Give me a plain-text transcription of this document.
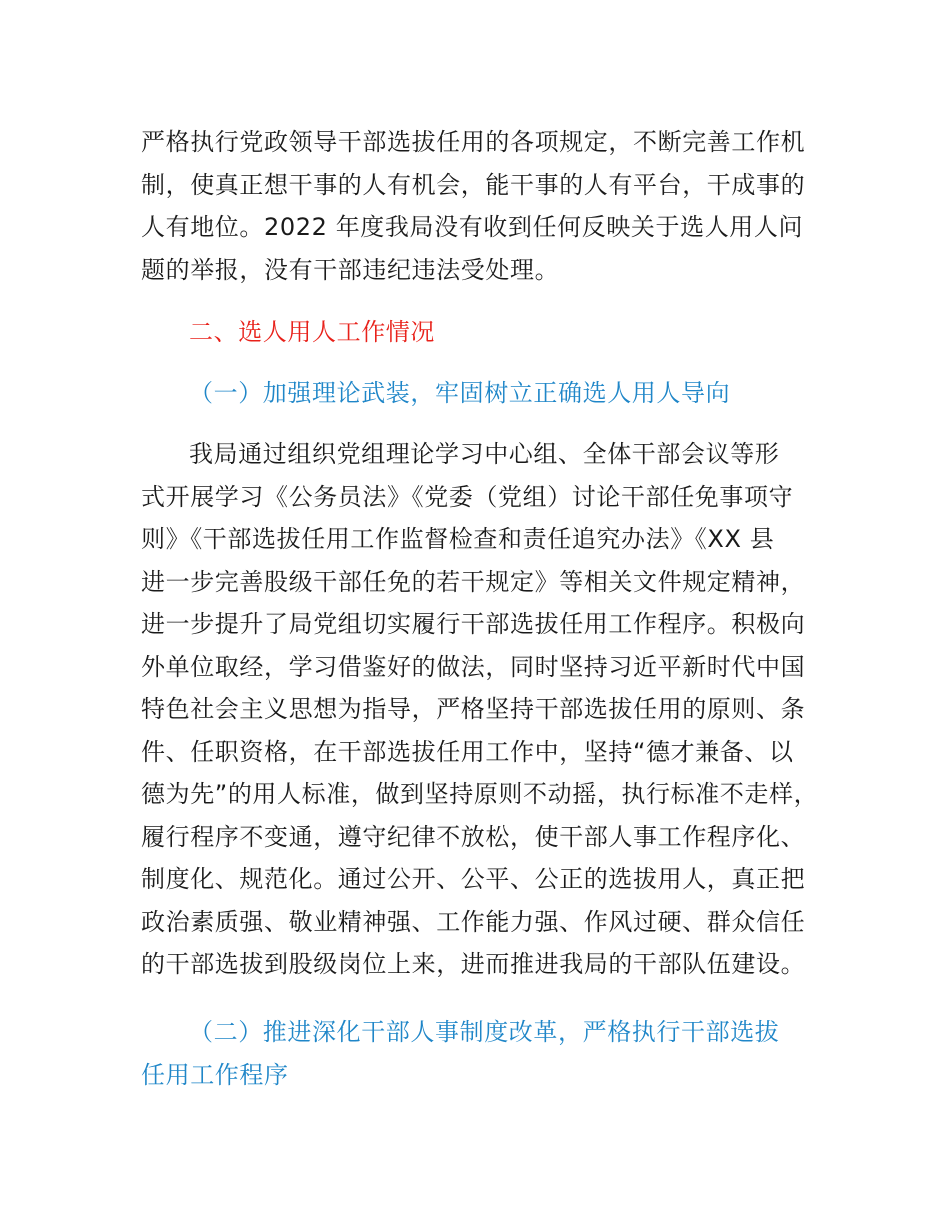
严格执行党政领导干部选拔任用的各项规定，不断完善工作机
制，使真正想干事的人有机会，能干事的人有平台，干成事的
人有地位。2022 年度我局没有收到任何反映关于选人用人问
题的举报，没有干部违纪违法受处理。
二、选人用人工作情况
（一）加强理论武装，牢固树立正确选人用人导向
我局通过组织党组理论学习中心组、全体干部会议等形
式开展学习《公务员法》《党委（党组）讨论干部任免事项守
则》《干部选拔任用工作监督检查和责任追究办法》《XX 县
进一步完善股级干部任免的若干规定》等相关文件规定精神，
进一步提升了局党组切实履行干部选拔任用工作程序。积极向
外单位取经，学习借鉴好的做法，同时坚持习近平新时代中国
特色社会主义思想为指导，严格坚持干部选拔任用的原则、条
件、任职资格，在干部选拔任用工作中，坚持“德才兼备、以
德为先”的用人标准，做到坚持原则不动摇，执行标准不走样，
履行程序不变通，遵守纪律不放松，使干部人事工作程序化、
制度化、规范化。通过公开、公平、公正的选拔用人，真正把
政治素质强、敬业精神强、工作能力强、作风过硬、群众信任
的干部选拔到股级岗位上来，进而推进我局的干部队伍建设。
（二）推进深化干部人事制度改革，严格执行干部选拔
任用工作程序
